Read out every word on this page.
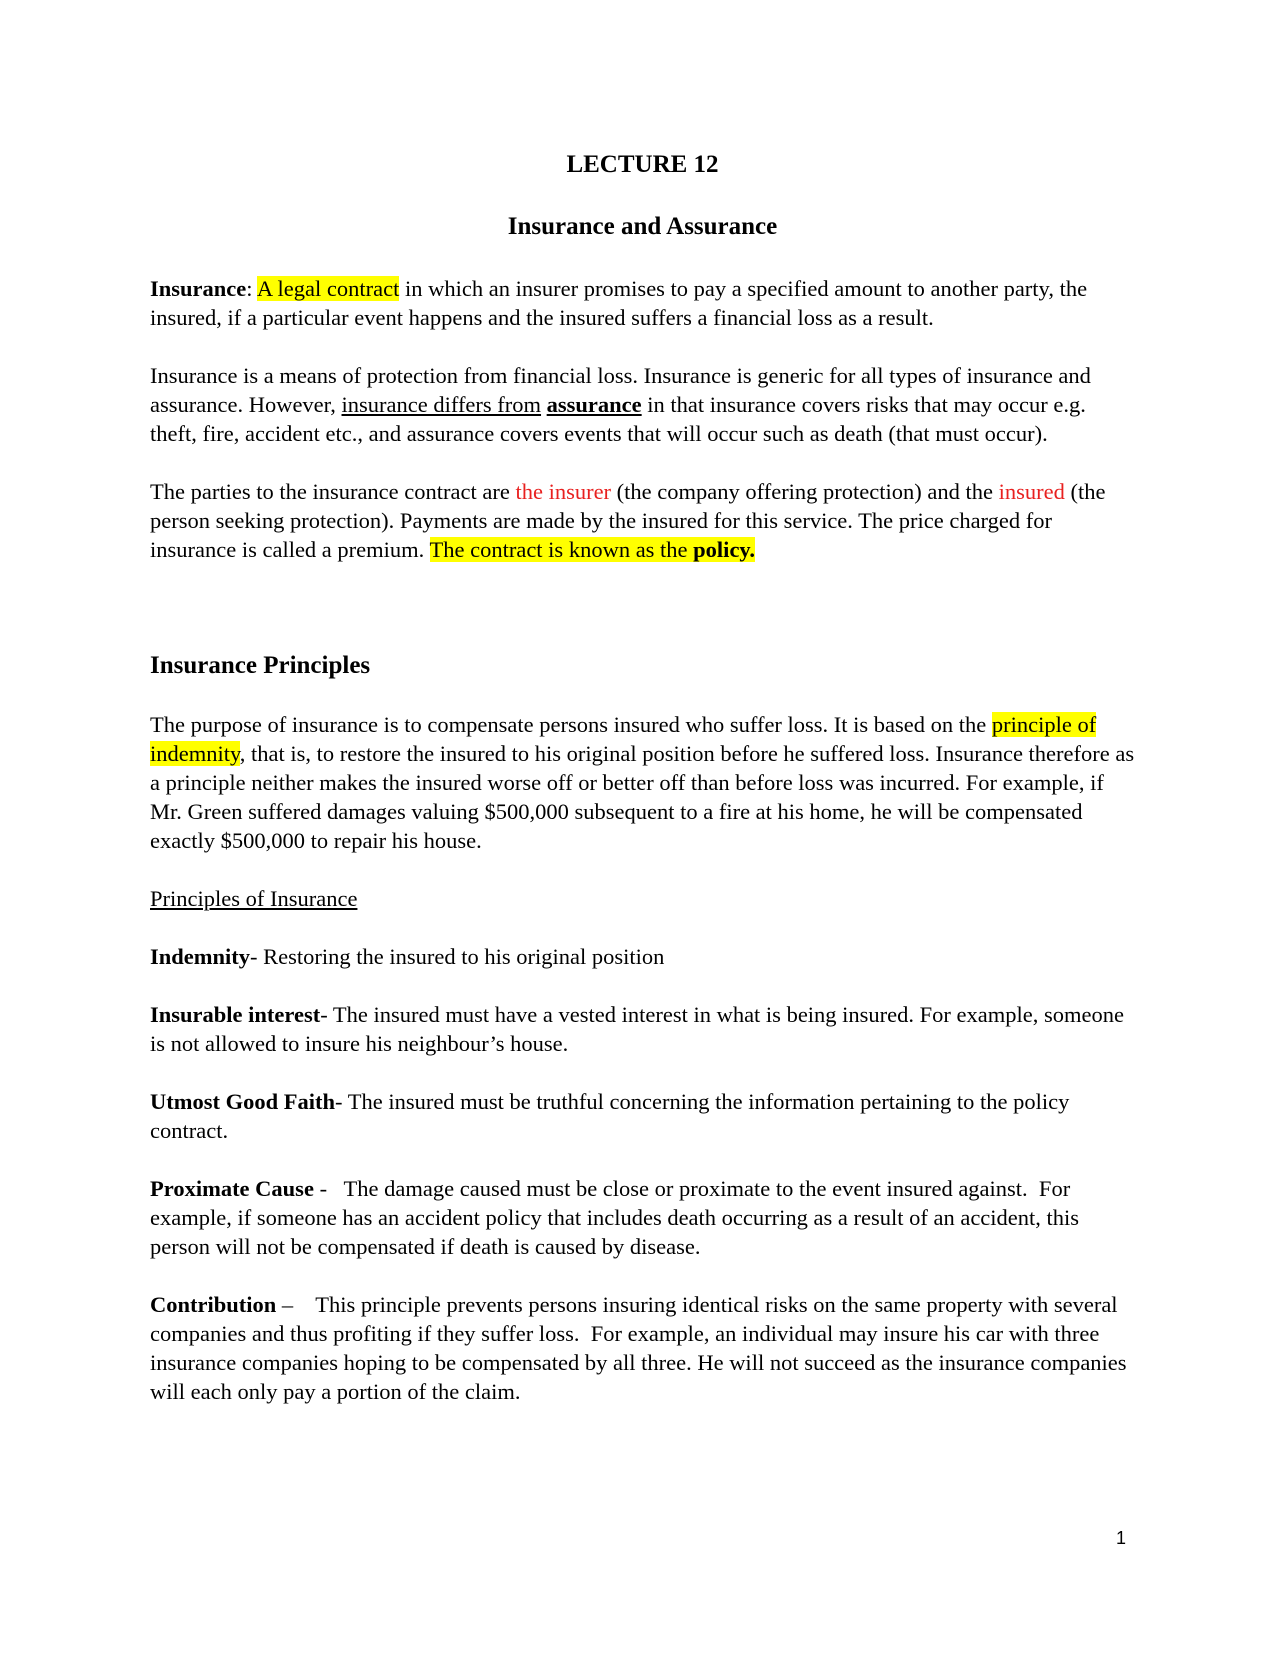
LECTURE 12
Insurance and Assurance

Insurance: A legal contract in which an insurer promises to pay a specified amount to another party, the insured, if a particular event happens and the insured suffers a financial loss as a result.

Insurance is a means of protection from financial loss. Insurance is generic for all types of insurance and assurance. However, insurance differs from assurance in that insurance covers risks that may occur e.g. theft, fire, accident etc., and assurance covers events that will occur such as death (that must occur).

The parties to the insurance contract are the insurer (the company offering protection) and the insured (the person seeking protection). Payments are made by the insured for this service. The price charged for insurance is called a premium. The contract is known as the policy.

Insurance Principles

The purpose of insurance is to compensate persons insured who suffer loss. It is based on the principle of indemnity, that is, to restore the insured to his original position before he suffered loss. Insurance therefore as a principle neither makes the insured worse off or better off than before loss was incurred. For example, if Mr. Green suffered damages valuing $500,000 subsequent to a fire at his home, he will be compensated exactly $500,000 to repair his house.

Principles of Insurance

Indemnity- Restoring the insured to his original position

Insurable interest- The insured must have a vested interest in what is being insured. For example, someone is not allowed to insure his neighbour’s house.

Utmost Good Faith- The insured must be truthful concerning the information pertaining to the policy contract.

Proximate Cause -   The damage caused must be close or proximate to the event insured against.  For example, if someone has an accident policy that includes death occurring as a result of an accident, this person will not be compensated if death is caused by disease.

Contribution –    This principle prevents persons insuring identical risks on the same property with several companies and thus profiting if they suffer loss.  For example, an individual may insure his car with three insurance companies hoping to be compensated by all three. He will not succeed as the insurance companies will each only pay a portion of the claim.

1
